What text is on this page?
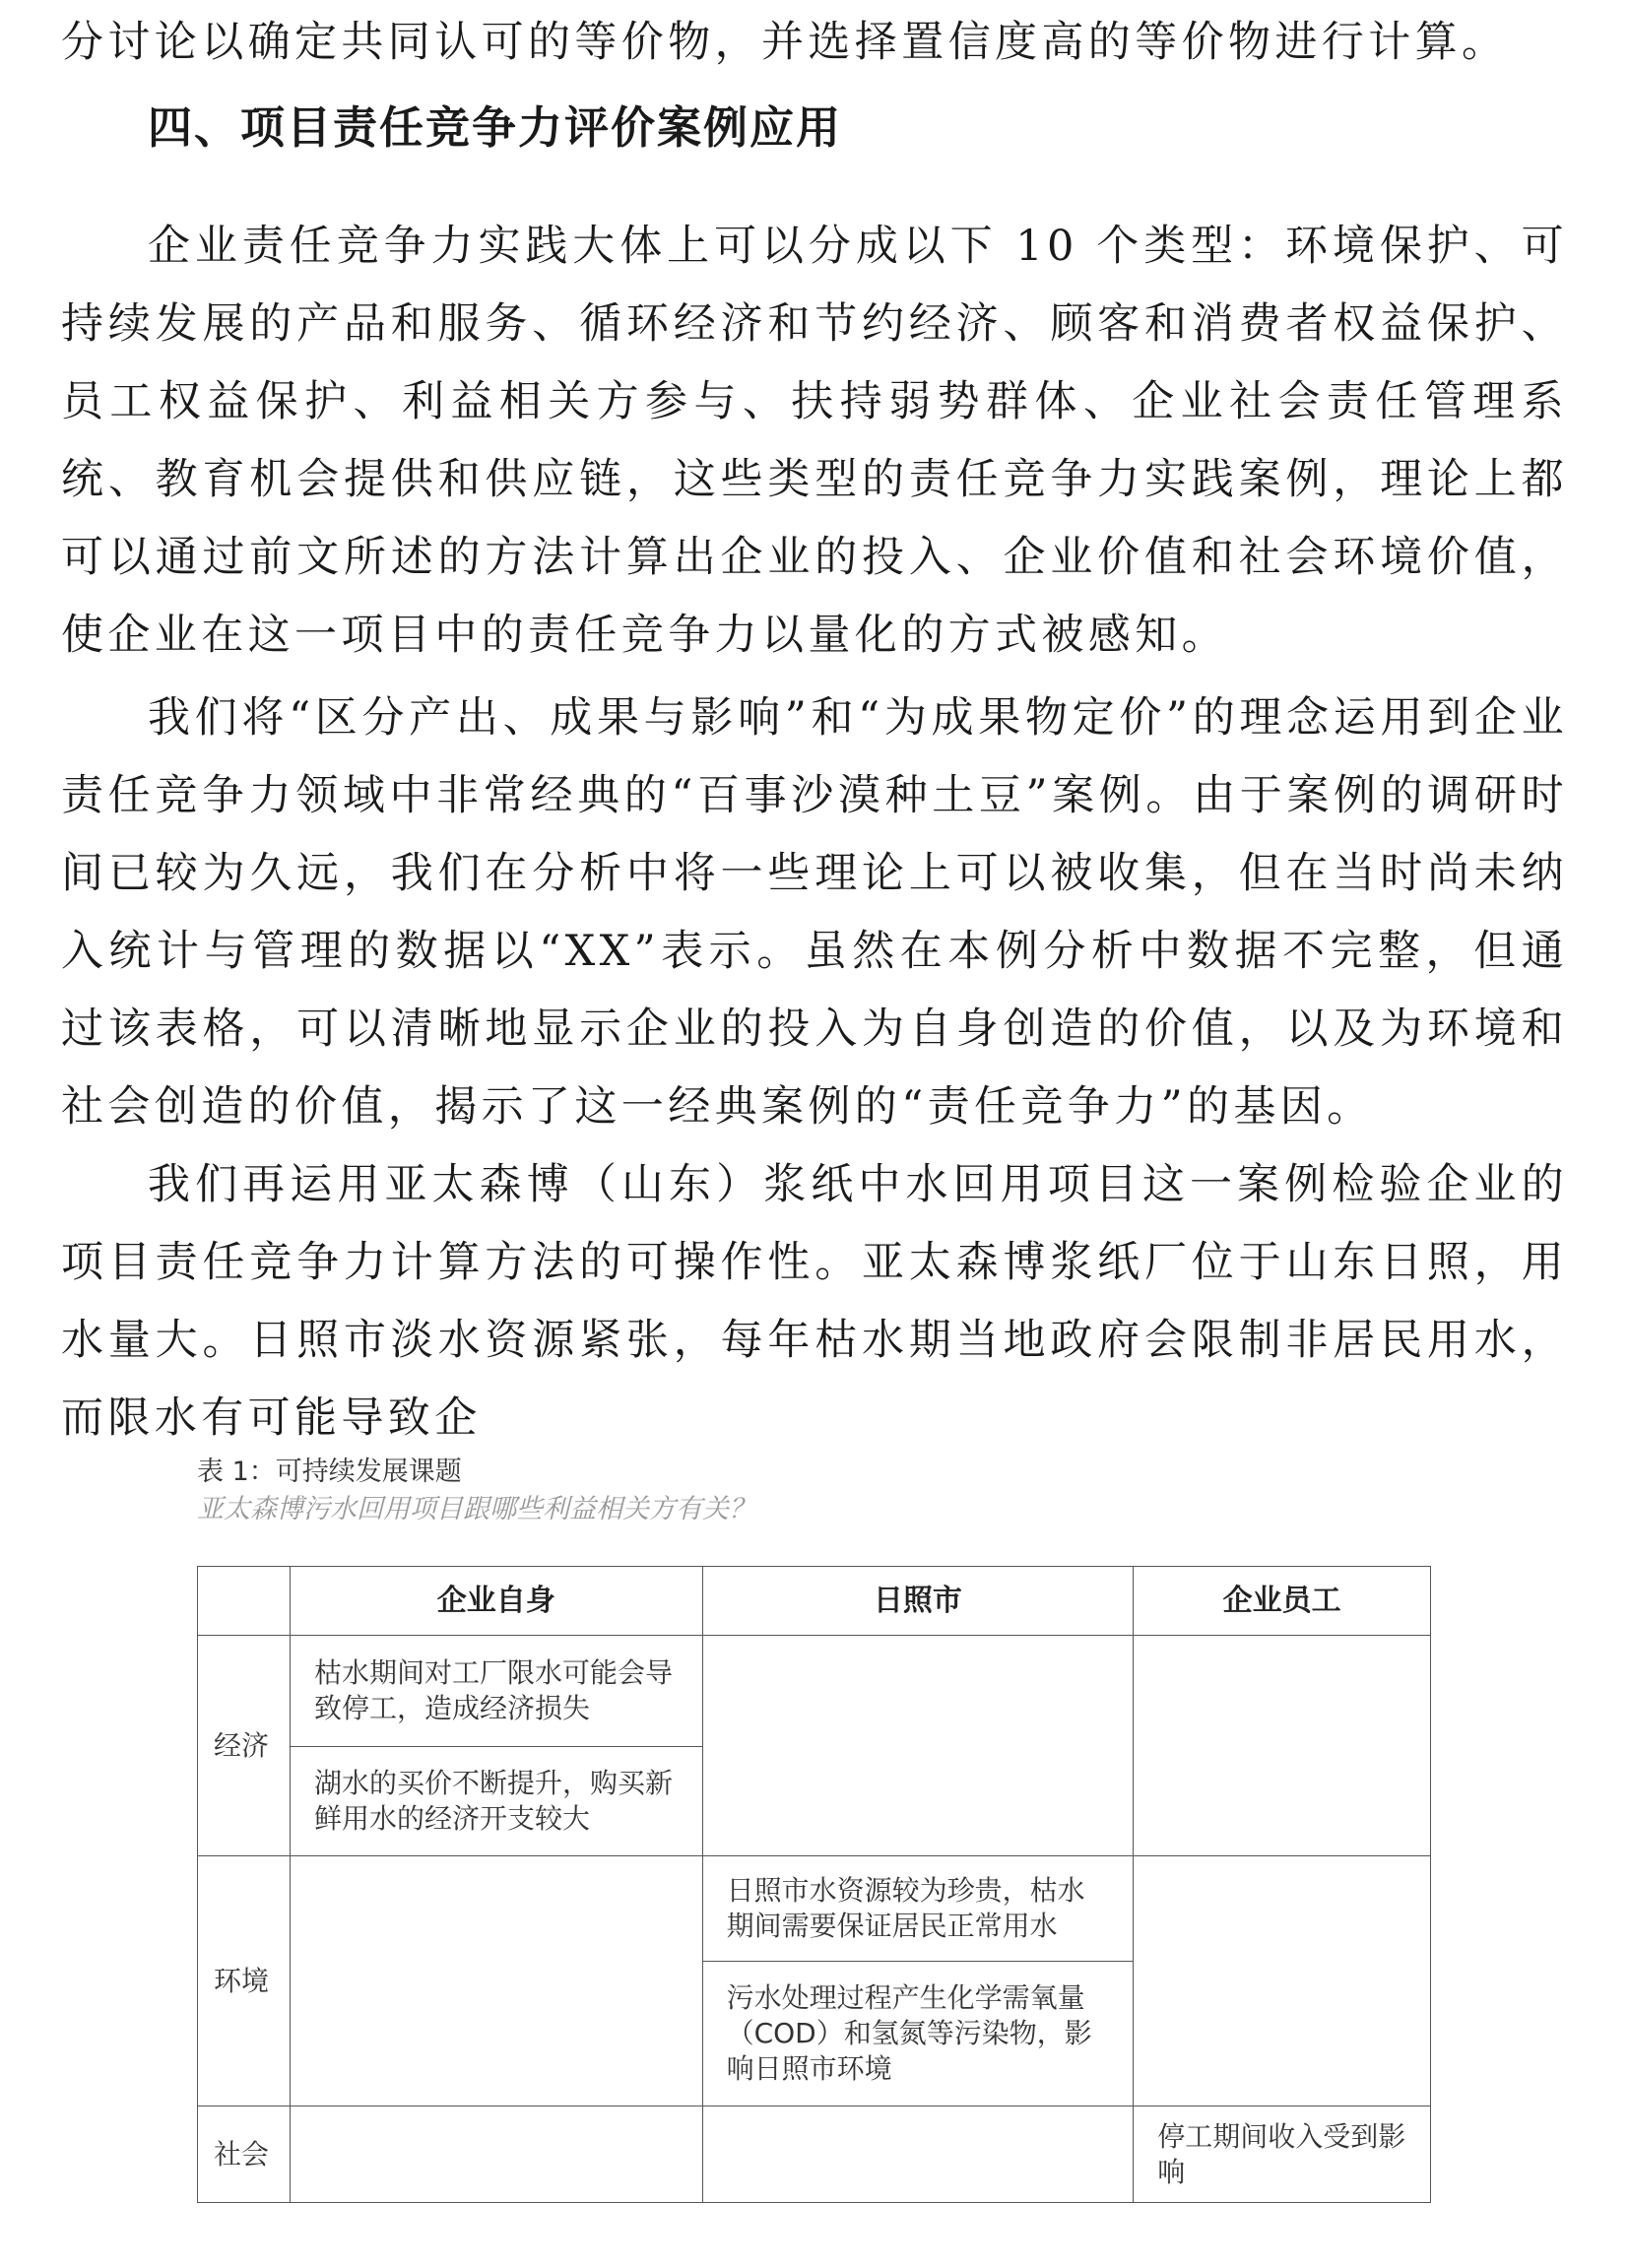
分讨论以确定共同认可的等价物，并选择置信度高的等价物进行计算。

四、项目责任竞争力评价案例应用

企业责任竞争力实践大体上可以分成以下 10 个类型：环境保护、可持续发展的产品和服务、循环经济和节约经济、顾客和消费者权益保护、员工权益保护、利益相关方参与、扶持弱势群体、企业社会责任管理系统、教育机会提供和供应链，这些类型的责任竞争力实践案例，理论上都可以通过前文所述的方法计算出企业的投入、企业价值和社会环境价值，使企业在这一项目中的责任竞争力以量化的方式被感知。

我们将“区分产出、成果与影响”和“为成果物定价”的理念运用到企业责任竞争力领域中非常经典的“百事沙漠种土豆”案例。由于案例的调研时间已较为久远，我们在分析中将一些理论上可以被收集，但在当时尚未纳入统计与管理的数据以“XX”表示。虽然在本例分析中数据不完整，但通过该表格，可以清晰地显示企业的投入为自身创造的价值，以及为环境和社会创造的价值，揭示了这一经典案例的“责任竞争力”的基因。

我们再运用亚太森博（山东）浆纸中水回用项目这一案例检验企业的项目责任竞争力计算方法的可操作性。亚太森博浆纸厂位于山东日照，用水量大。日照市淡水资源紧张，每年枯水期当地政府会限制非居民用水，而限水有可能导致企

表 1：可持续发展课题
亚太森博污水回用项目跟哪些利益相关方有关？
	企业自身	日照市	企业员工
经济	枯水期间对工厂限水可能会导致停工，造成经济损失		
	湖水的买价不断提升，购买新鲜用水的经济开支较大		
环境		日照市水资源较为珍贵，枯水期间需要保证居民正常用水	
		污水处理过程产生化学需氧量（COD）和氢氮等污染物，影响日照市环境	
社会			停工期间收入受到影响
